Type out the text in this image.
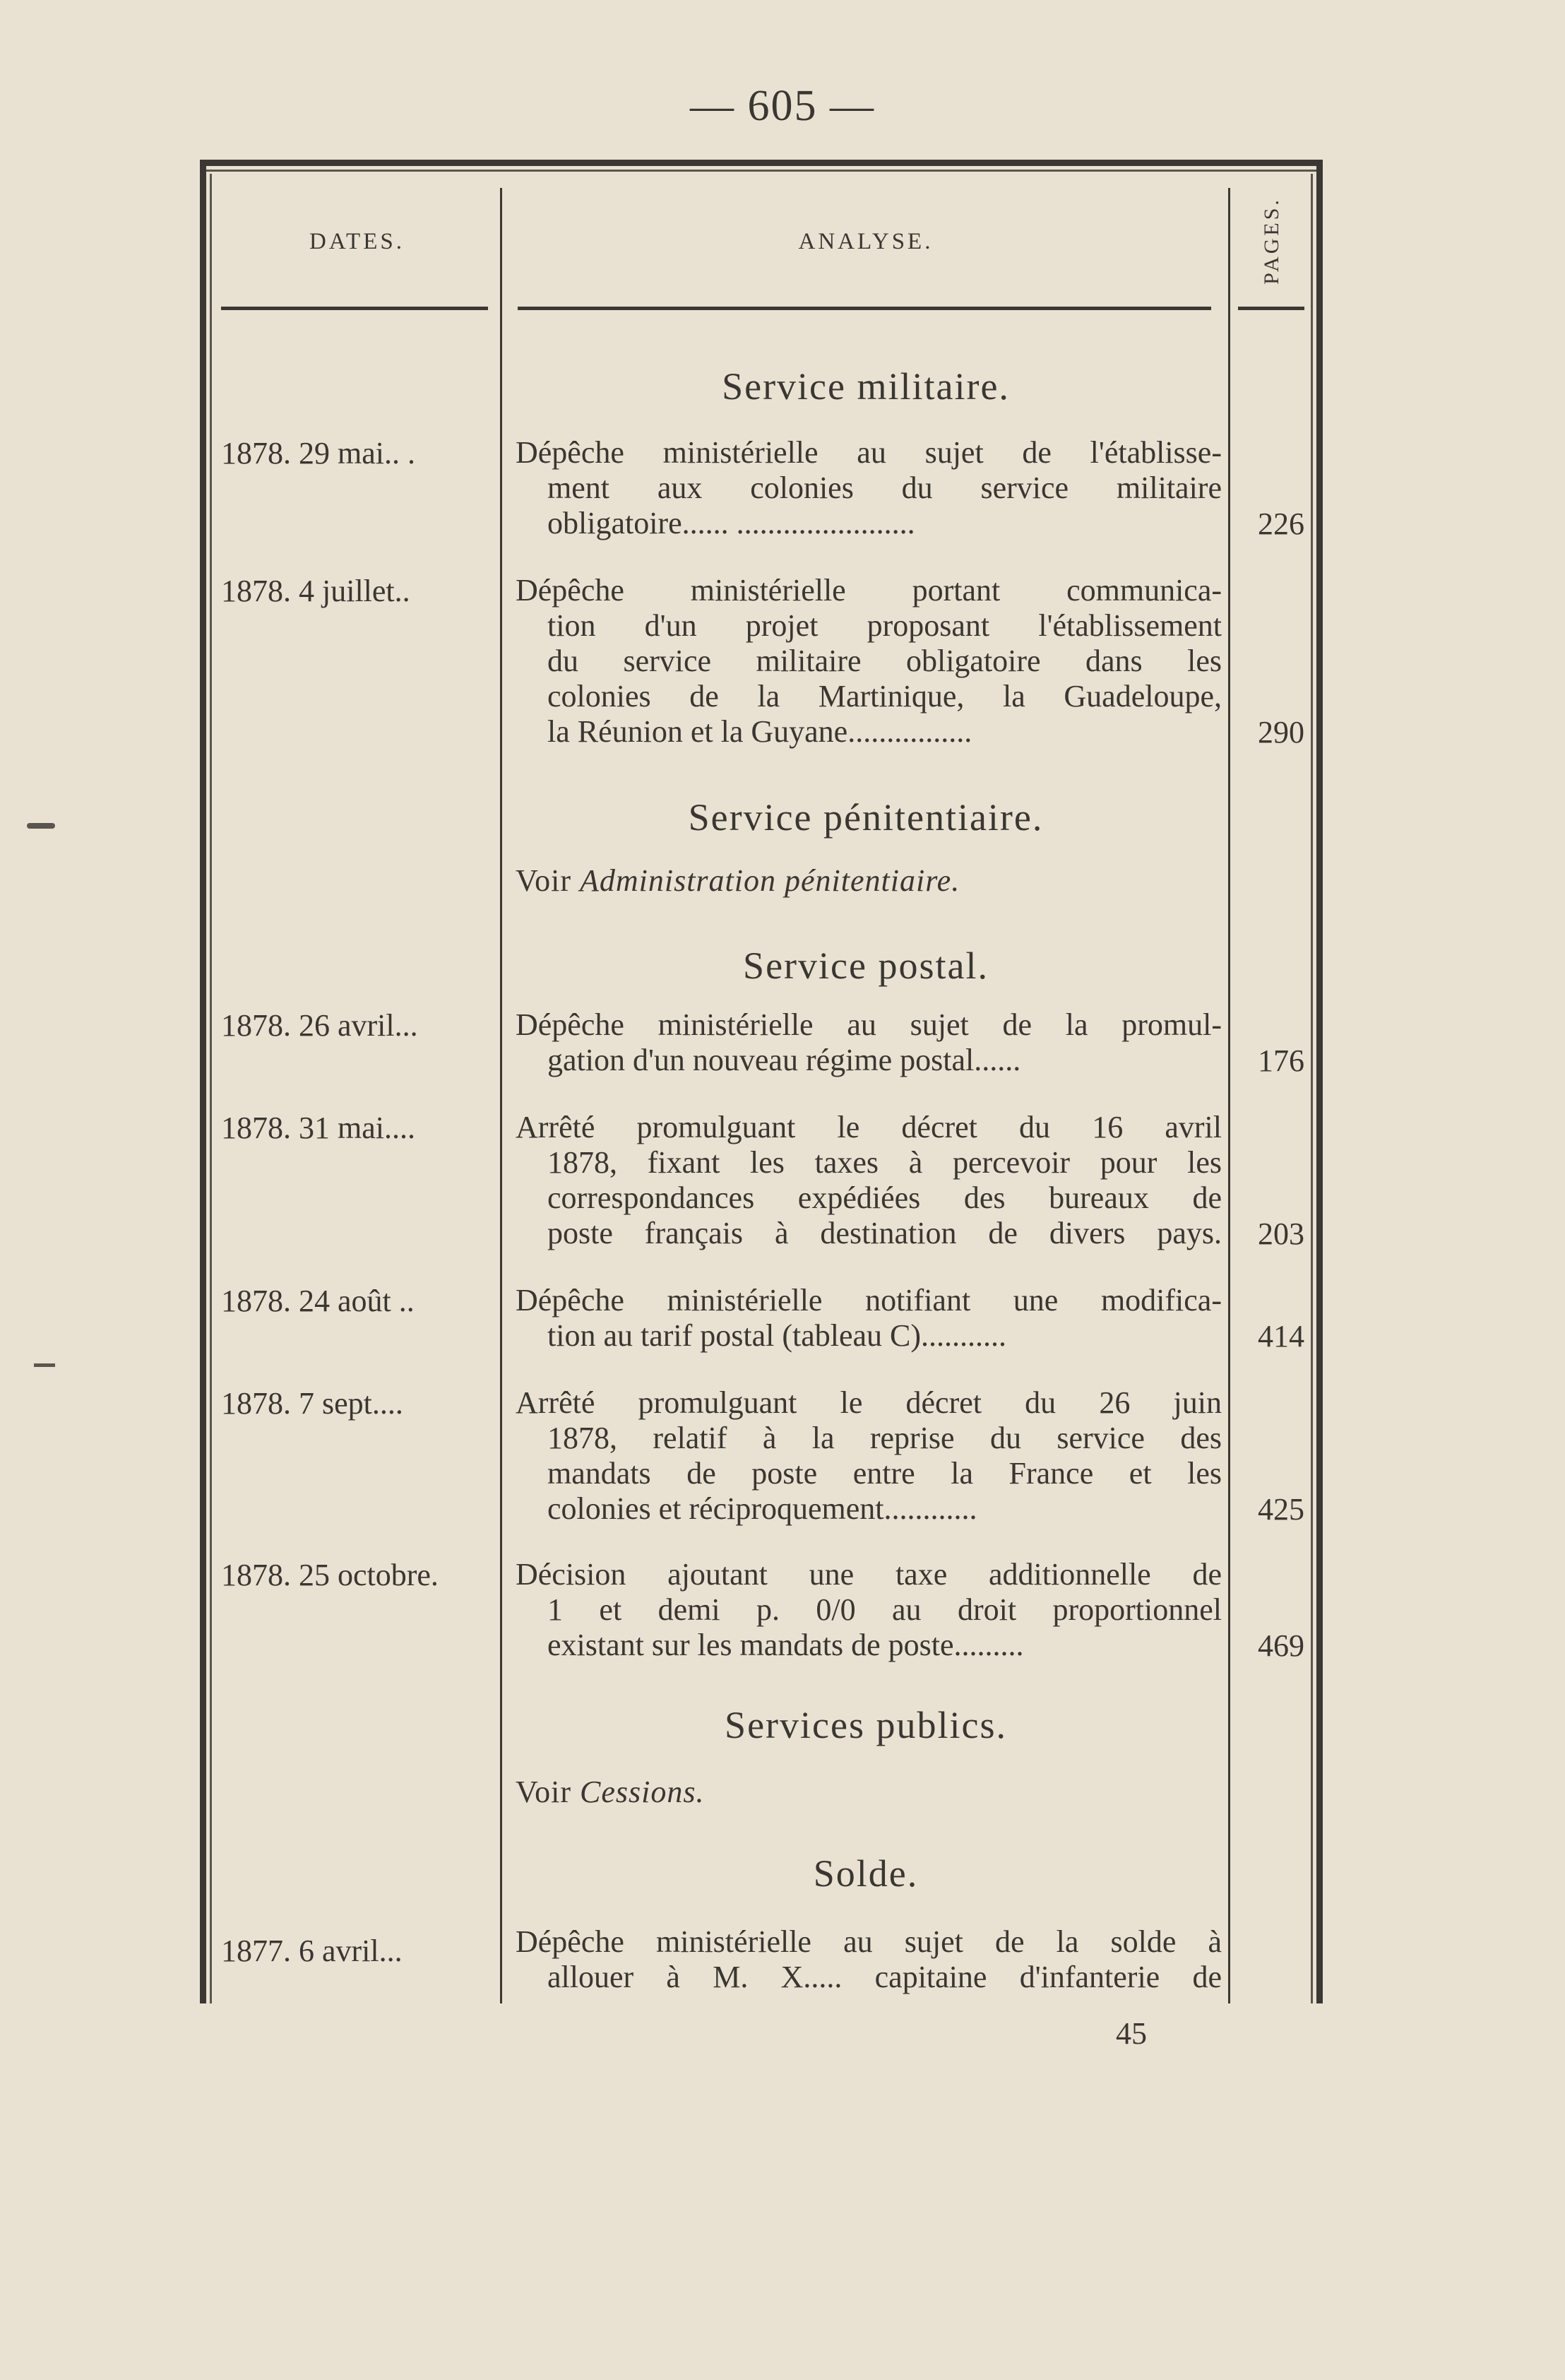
— 605 —
DATES.	ANALYSE.	PAGES.
Service militaire.
1878. 29 mai.. .	Dépêche ministérielle au sujet de l'établisse-
ment aux colonies du service militaire
obligatoire...... .......................	226
1878. 4 juillet..	Dépêche ministérielle portant communica-
tion d'un projet proposant l'établissement
du service militaire obligatoire dans les
colonies de la Martinique, la Guadeloupe,
la Réunion et la Guyane................	290
Service pénitentiaire.
Voir Administration pénitentiaire.
Service postal.
1878. 26 avril...	Dépêche ministérielle au sujet de la promul-
gation d'un nouveau régime postal......	176
1878. 31 mai....	Arrêté promulguant le décret du 16 avril
1878, fixant les taxes à percevoir pour les
correspondances expédiées des bureaux de
poste français à destination de divers pays.	203
1878. 24 août ..	Dépêche ministérielle notifiant une modifica-
tion au tarif postal (tableau C)...........	414
1878. 7 sept....	Arrêté promulguant le décret du 26 juin
1878, relatif à la reprise du service des
mandats de poste entre la France et les
colonies et réciproquement............	425
1878. 25 octobre.	Décision ajoutant une taxe additionnelle de
1 et demi p. 0/0 au droit proportionnel
existant sur les mandats de poste.........	469
Services publics.
Voir Cessions.
Solde.
1877. 6 avril...	Dépêche ministérielle au sujet de la solde à
allouer à M. X..... capitaine d'infanterie de
45
